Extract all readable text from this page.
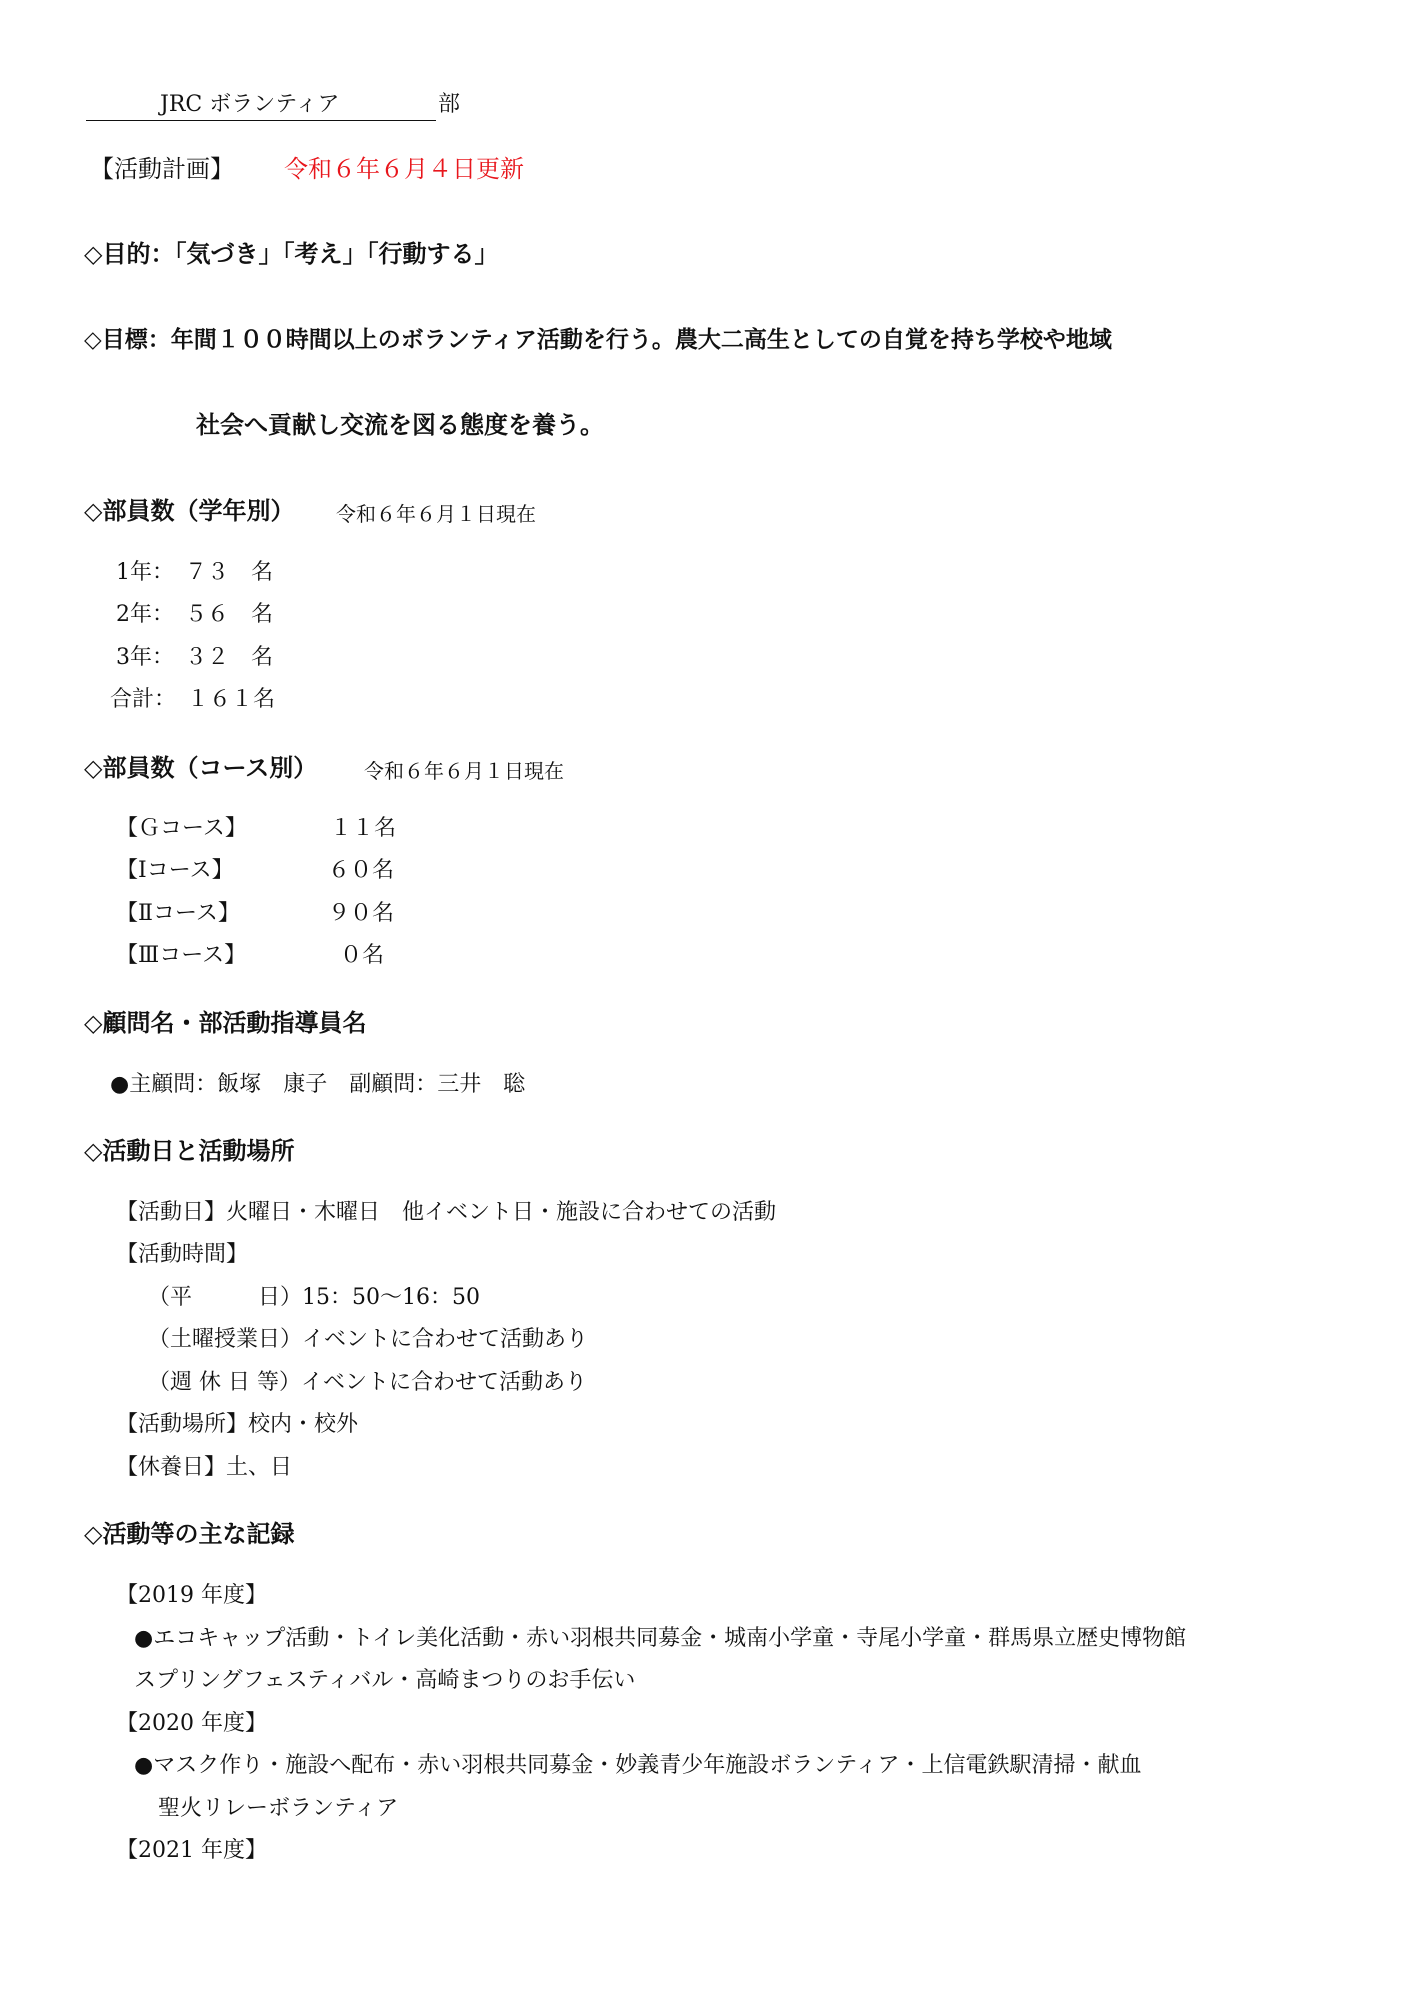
JRC ボランティア	部
【活動計画】 令和６年６月４日更新
◇目的：「気づき」「考え」「行動する」
◇目標：年間１００時間以上のボランティア活動を行う。農大二高生としての自覚を持ち学校や地域
社会へ貢献し交流を図る態度を養う。
◇部員数（学年別） 令和６年６月１日現在
1年：　７３　名
2年：　５６　名
3年：　３２　名
合計：　１６１名
◇部員数（コース別） 令和６年６月１日現在
【Ｇコース】	１１名
【Ⅰコース】	６０名
【Ⅱコース】	９０名
【Ⅲコース】	０名
◇顧問名・部活動指導員名
●主顧問：飯塚　康子　副顧問：三井　聡
◇活動日と活動場所
【活動日】火曜日・木曜日　他イベント日・施設に合わせての活動
【活動時間】
（平　　　日）15：50〜16：50
（土曜授業日）イベントに合わせて活動あり
（週 休 日 等）イベントに合わせて活動あり
【活動場所】校内・校外
【休養日】土、日
◇活動等の主な記録
【2019 年度】
●エコキャップ活動・トイレ美化活動・赤い羽根共同募金・城南小学童・寺尾小学童・群馬県立歴史博物館
スプリングフェスティバル・高崎まつりのお手伝い
【2020 年度】
●マスク作り・施設へ配布・赤い羽根共同募金・妙義青少年施設ボランティア・上信電鉄駅清掃・献血
聖火リレーボランティア
【2021 年度】
